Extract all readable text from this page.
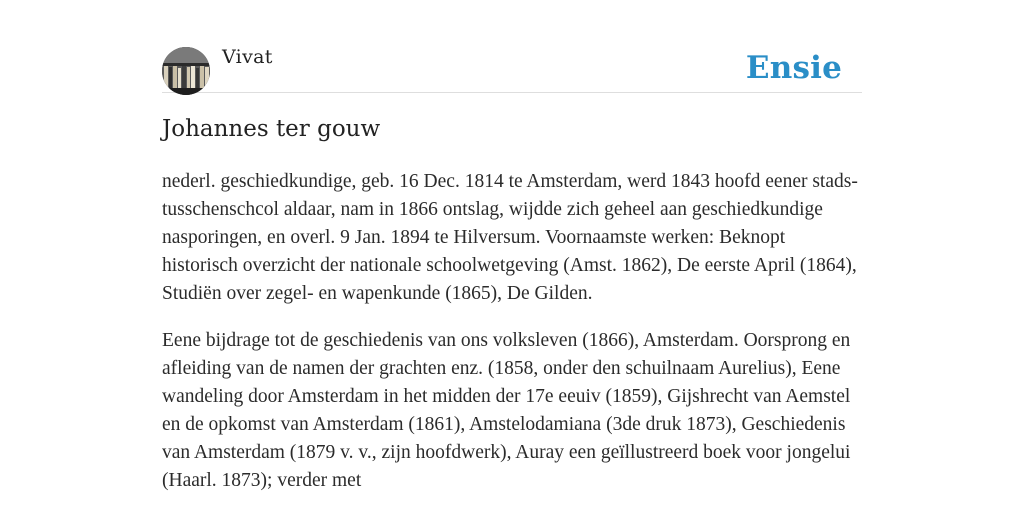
Vivat	Ensie
Johannes ter gouw

nederl. geschiedkundige, geb. 16 Dec. 1814 te Amsterdam, werd 1843 hoofd eener stads-tusschenschcol aldaar, nam in 1866 ontslag, wijdde zich geheel aan geschiedkundige nasporingen, en overl. 9 Jan. 1894 te Hilversum. Voornaamste werken: Beknopt historisch overzicht der nationale schoolwetgeving (Amst. 1862), De eerste April (1864), Studiën over zegel- en wapenkunde (1865), De Gilden.

Eene bijdrage tot de geschiedenis van ons volksleven (1866), Amsterdam. Oorsprong en afleiding van de namen der grachten enz. (1858, onder den schuilnaam Aurelius), Eene wandeling door Amsterdam in het midden der 17e eeuiv (1859), Gijshrecht van Aemstel en de opkomst van Amsterdam (1861), Amstelodamiana (3de druk 1873), Geschiedenis van Amsterdam (1879 v. v., zijn hoofdwerk), Auray een geïllustreerd boek voor jongelui (Haarl. 1873); verder met
